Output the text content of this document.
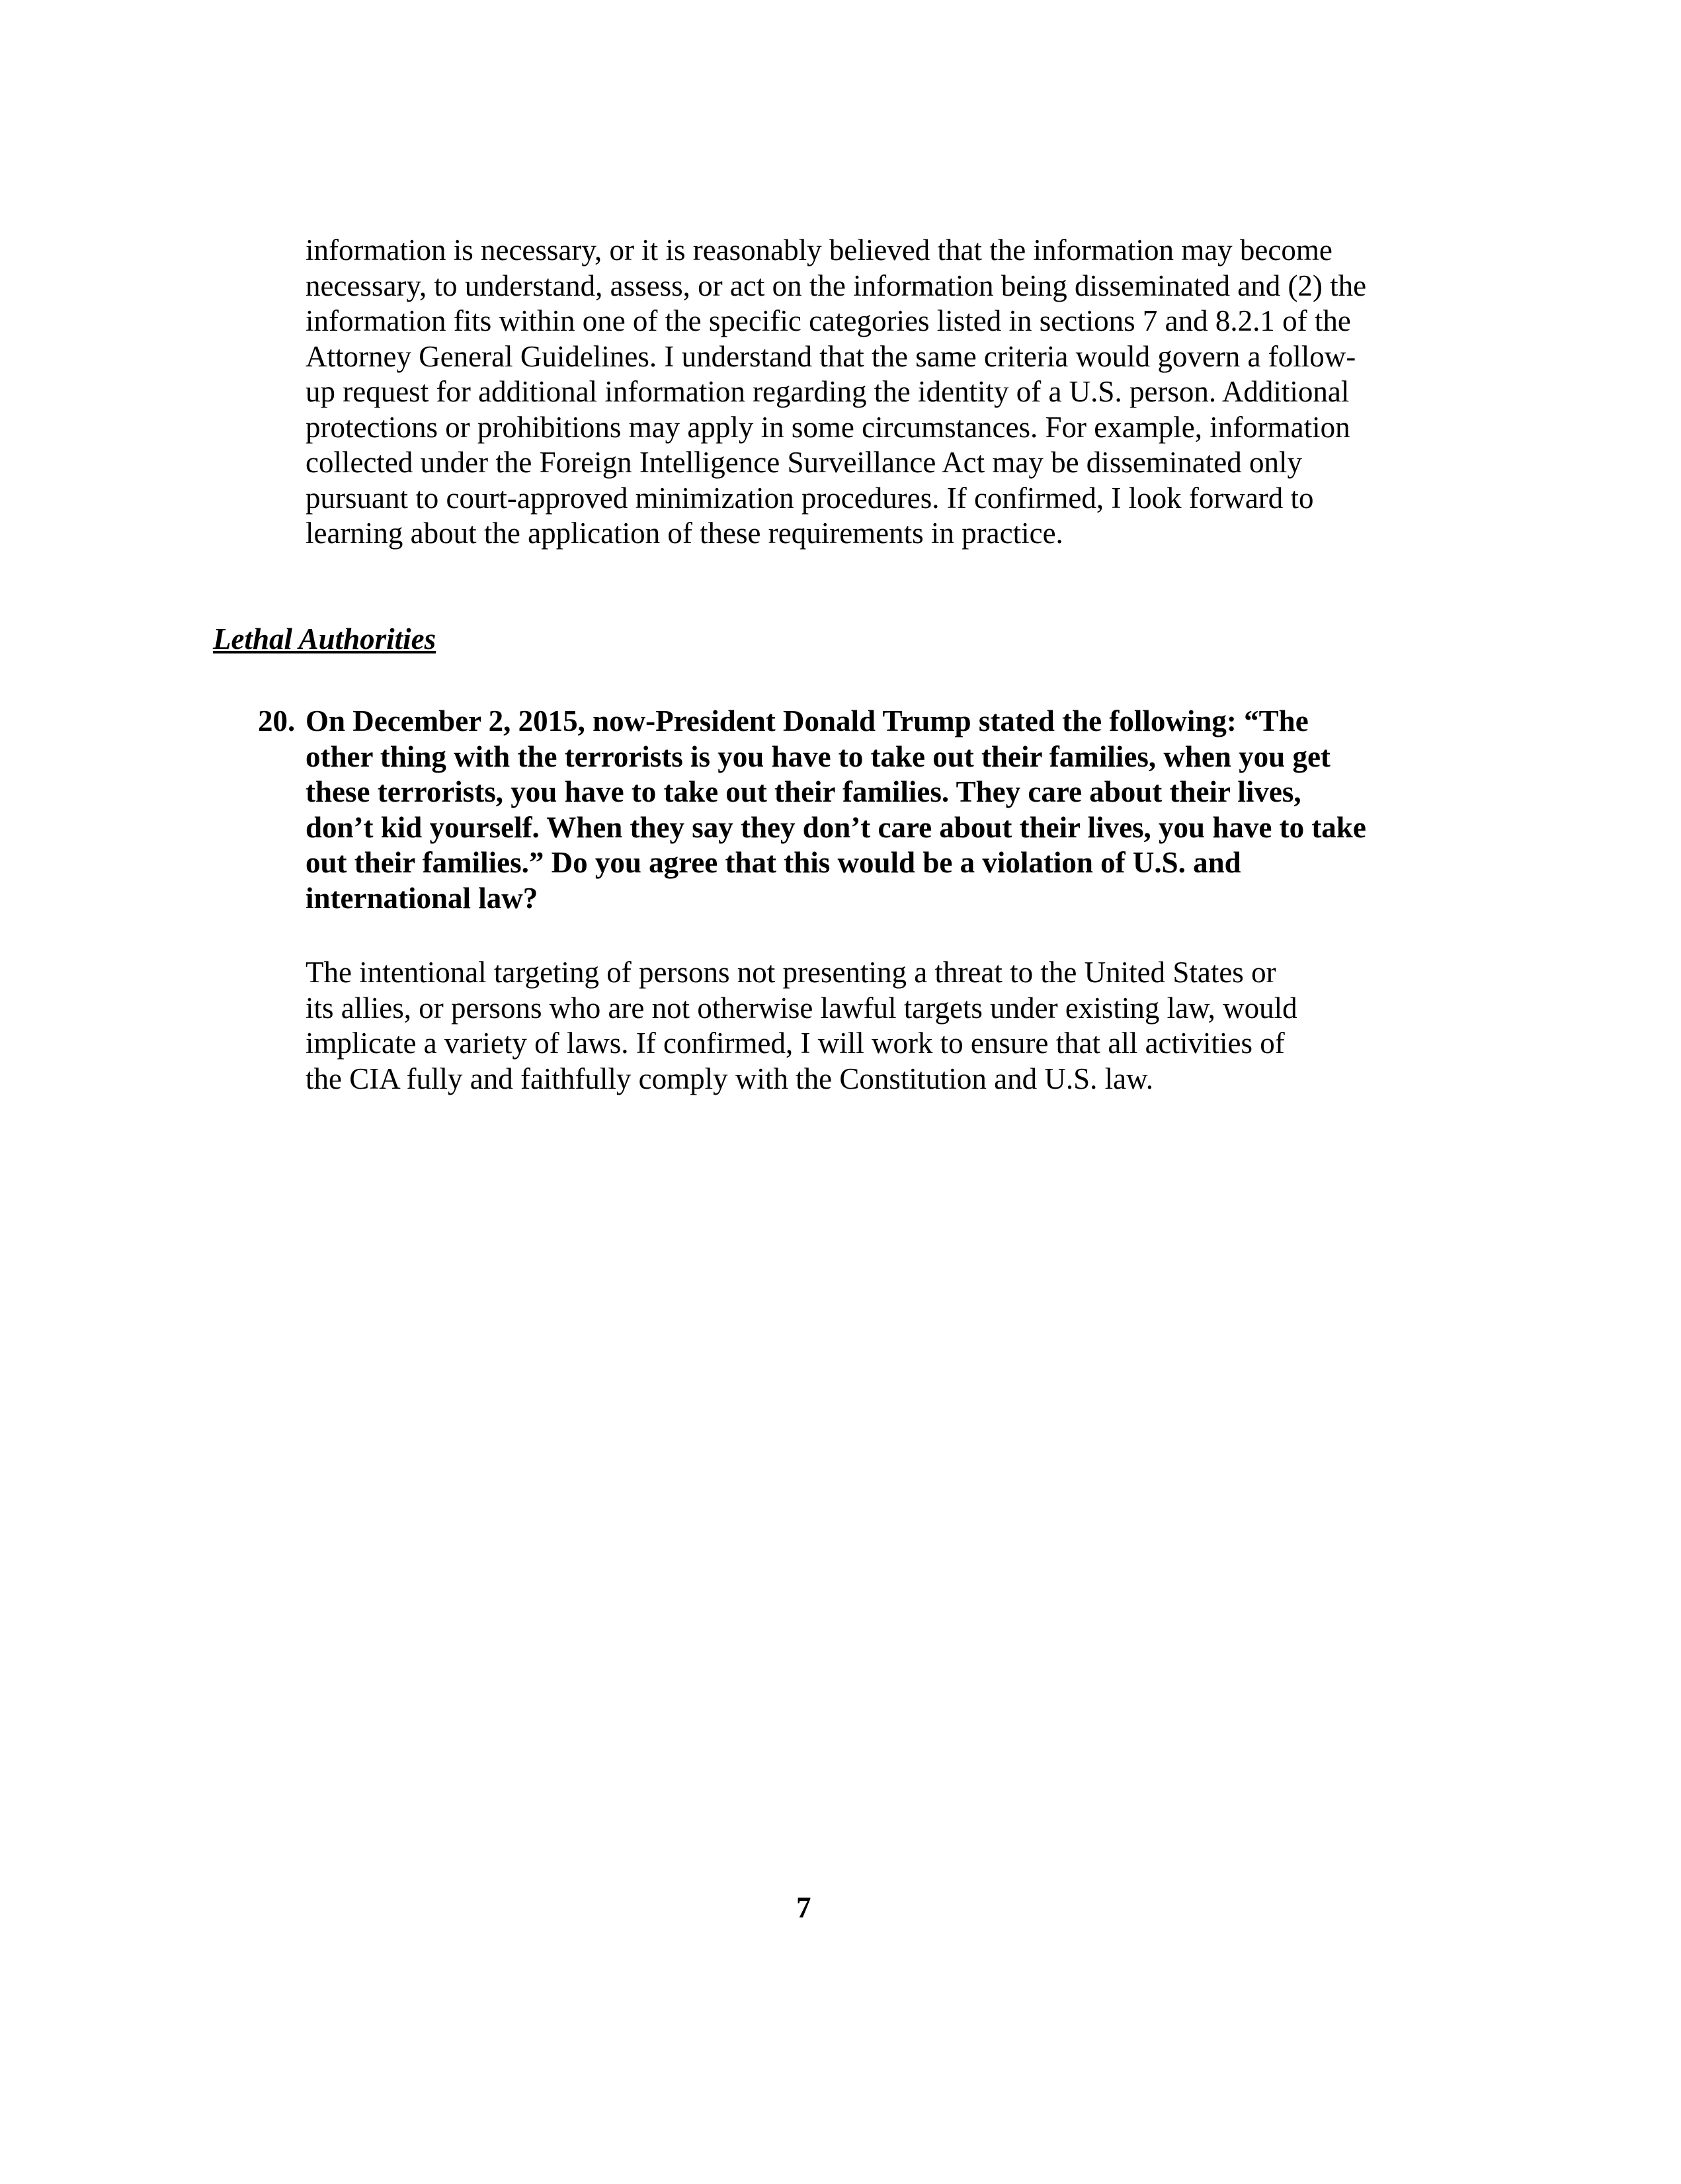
information is necessary, or it is reasonably believed that the information may become
necessary, to understand, assess, or act on the information being disseminated and (2) the
information fits within one of the specific categories listed in sections 7 and 8.2.1 of the
Attorney General Guidelines. I understand that the same criteria would govern a follow-
up request for additional information regarding the identity of a U.S. person. Additional
protections or prohibitions may apply in some circumstances. For example, information
collected under the Foreign Intelligence Surveillance Act may be disseminated only
pursuant to court-approved minimization procedures. If confirmed, I look forward to
learning about the application of these requirements in practice.
Lethal Authorities
20. On December 2, 2015, now-President Donald Trump stated the following: “The
other thing with the terrorists is you have to take out their families, when you get
these terrorists, you have to take out their families. They care about their lives,
don’t kid yourself. When they say they don’t care about their lives, you have to take
out their families.” Do you agree that this would be a violation of U.S. and
international law?
The intentional targeting of persons not presenting a threat to the United States or
its allies, or persons who are not otherwise lawful targets under existing law, would
implicate a variety of laws. If confirmed, I will work to ensure that all activities of
the CIA fully and faithfully comply with the Constitution and U.S. law.
7
